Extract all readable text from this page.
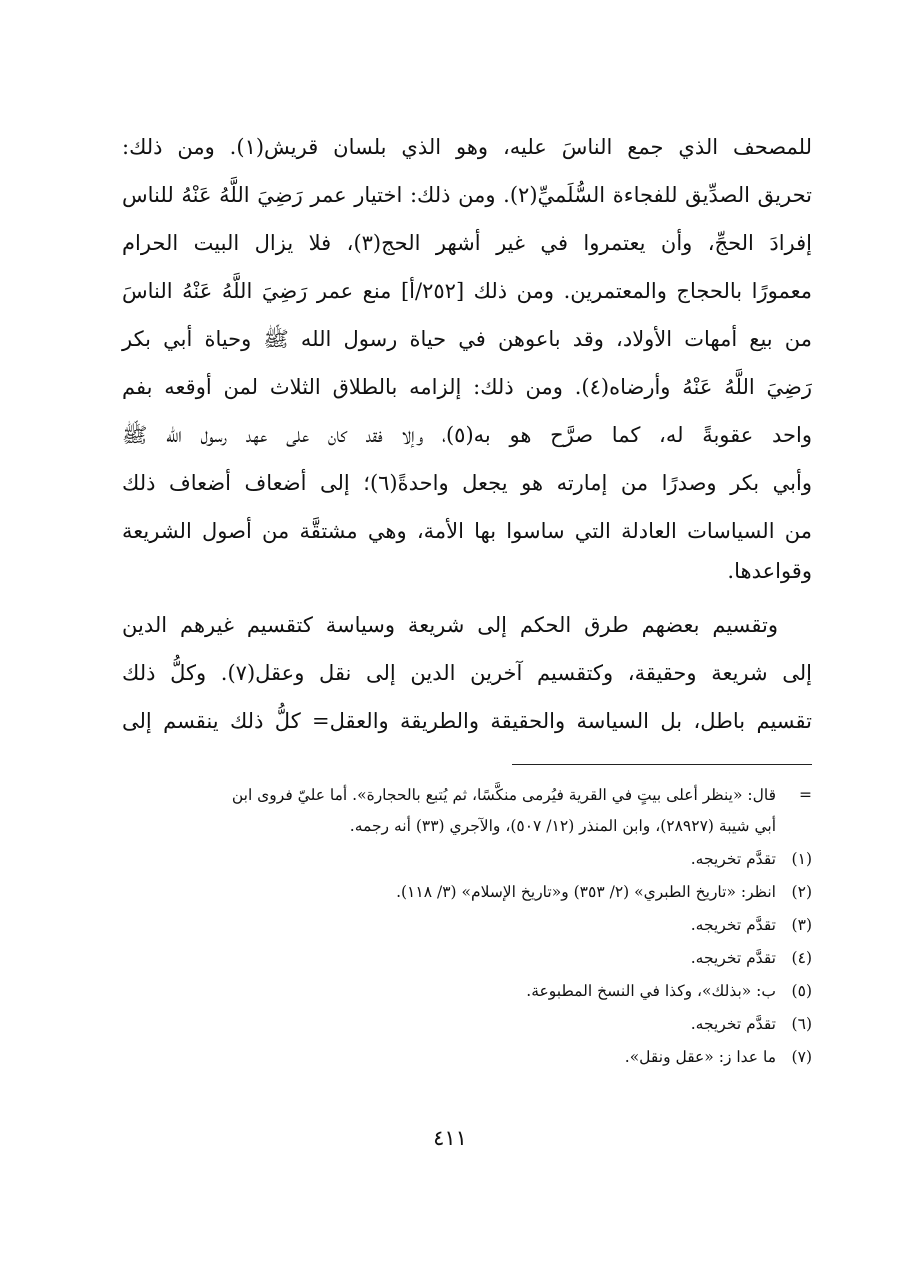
للمصحف الذي جمع الناسَ عليه، وهو الذي بلسان قريش(١). ومن ذلك:
تحريق الصدِّيق للفجاءة السُّلَميِّ(٢). ومن ذلك: اختيار عمر رَضِيَ اللَّهُ عَنْهُ للناس
إفرادَ الحجِّ، وأن يعتمروا في غير أشهر الحج(٣)، فلا يزال البيت الحرام
معمورًا بالحجاج والمعتمرين. ومن ذلك [٢٥٢/أ] منع عمر رَضِيَ اللَّهُ عَنْهُ الناسَ
من بيع أمهات الأولاد، وقد باعوهن في حياة رسول الله ﷺ وحياة أبي بكر
رَضِيَ اللَّهُ عَنْهُ وأرضاه(٤). ومن ذلك: إلزامه بالطلاق الثلاث لمن أوقعه بفم
واحد عقوبةً له، كما صرَّح هو به(٥)، وإلا فقد كان على عهد رسول الله ﷺ
وأبي بكر وصدرًا من إمارته هو يجعل واحدةً(٦)؛ إلى أضعاف أضعاف ذلك
من السياسات العادلة التي ساسوا بها الأمة، وهي مشتقَّة من أصول الشريعة
وقواعدها.
وتقسيم بعضهم طرق الحكم إلى شريعة وسياسة كتقسيم غيرهم الدين
إلى شريعة وحقيقة، وكتقسيم آخرين الدين إلى نقل وعقل(٧). وكلُّ ذلك
تقسيم باطل، بل السياسة والحقيقة والطريقة والعقل= كلُّ ذلك ينقسم إلى
=قال: «ينظر أعلى بيتٍ في القرية فيُرمى منكَّسًا، ثم يُتبع بالحجارة». أما عليّ فروى ابن
أبي شيبة (٢٨٩٢٧)، وابن المنذر (١٢/ ٥٠٧)، والآجري (٣٣) أنه رجمه.
(١)تقدَّم تخريجه.
(٢)انظر: «تاريخ الطبري» (٢/ ٣٥٣) و«تاريخ الإسلام» (٣/ ١١٨).
(٣)تقدَّم تخريجه.
(٤)تقدَّم تخريجه.
(٥)ب: «بذلك»، وكذا في النسخ المطبوعة.
(٦)تقدَّم تخريجه.
(٧)ما عدا ز: «عقل ونقل».
٤١١
